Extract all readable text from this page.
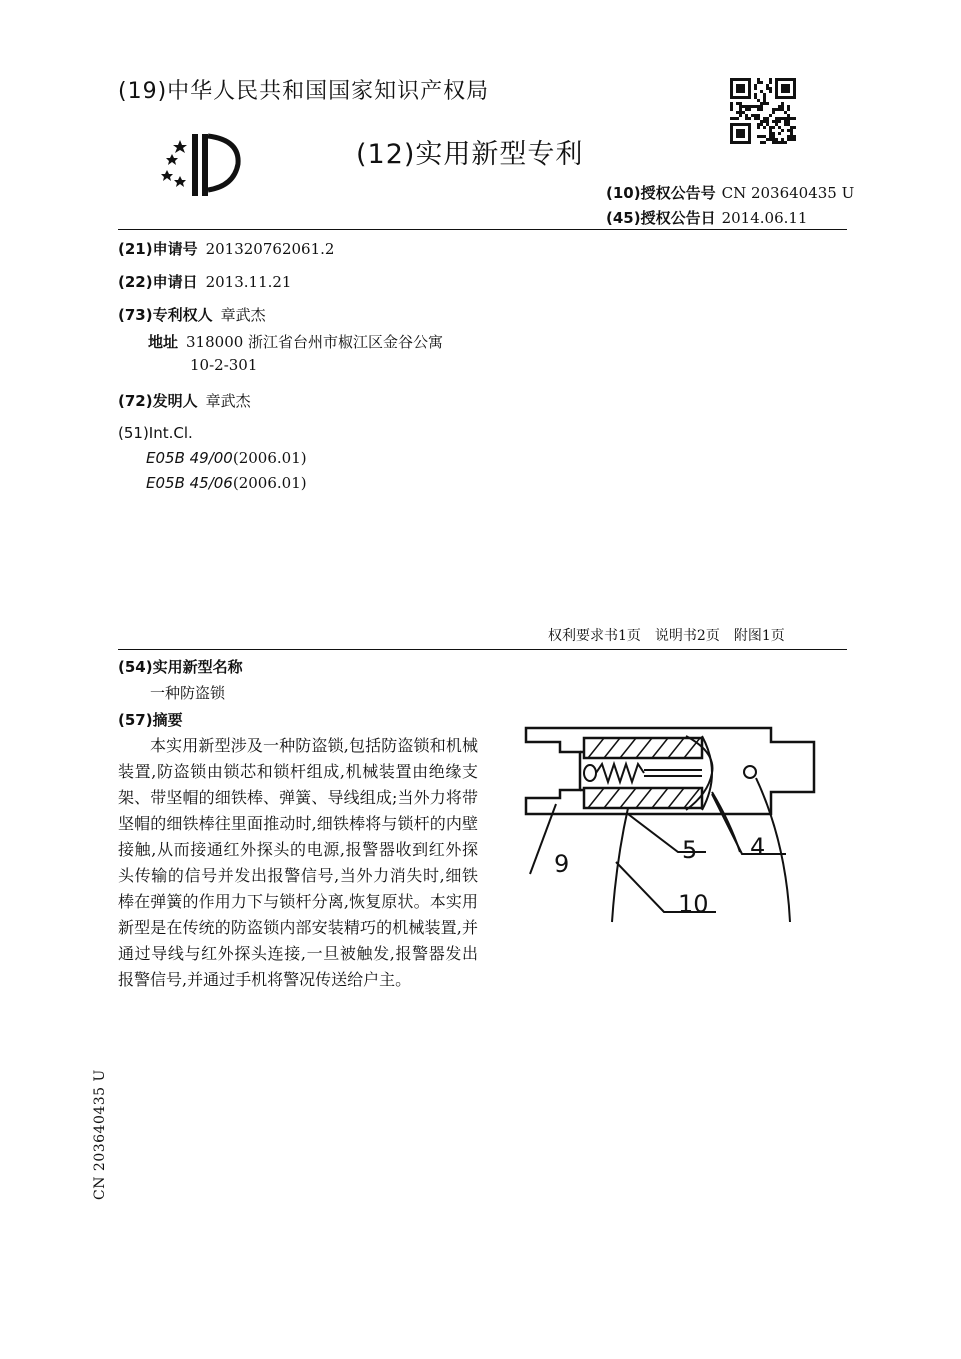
(19)中华人民共和国国家知识产权局
(12)实用新型专利
(10)授权公告号 CN 203640435 U
(45)授权公告日 2014.06.11
(21)申请号 201320762061.2
(22)申请日 2013.11.21
(73)专利权人 章武杰
地址 318000 浙江省台州市椒江区金谷公寓
10-2-301
(72)发明人 章武杰
(51)Int.Cl.
E05B 49/00(2006.01)
E05B 45/06(2006.01)
权利要求书1页 说明书2页 附图1页
(54)实用新型名称
一种防盗锁
(57)摘要
本实用新型涉及一种防盗锁,包括防盗锁和机械装置,防盗锁由锁芯和锁杆组成,机械装置由绝缘支架、带坚帽的细铁棒、弹簧、导线组成;当外力将带坚帽的细铁棒往里面推动时,细铁棒将与锁杆的内壁接触,从而接通红外探头的电源,报警器收到红外探头传输的信号并发出报警信号,当外力消失时,细铁棒在弹簧的作用力下与锁杆分离,恢复原状。本实用新型是在传统的防盗锁内部安装精巧的机械装置,并通过导线与红外探头连接,一旦被触发,报警器发出报警信号,并通过手机将警况传送给户主。
9	5 4
10
CN 203640435 U
